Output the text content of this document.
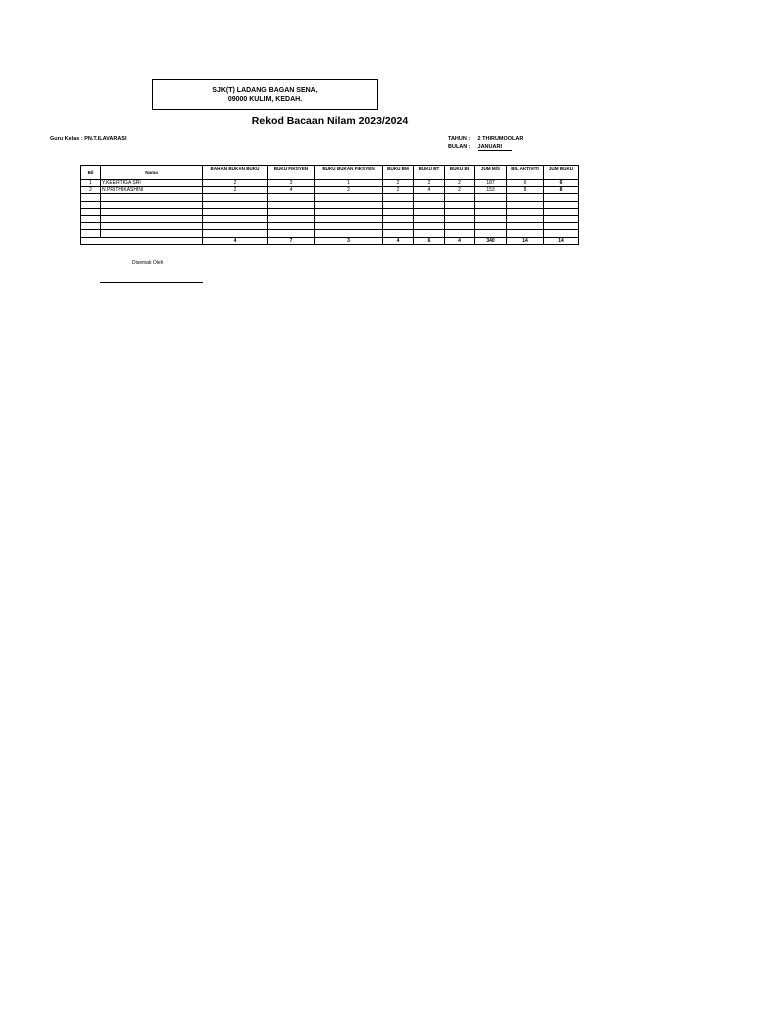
SJK(T) LADANG BAGAN SENA,
09000 KULIM, KEDAH.
Rekod Bacaan Nilam 2023/2024
Guru Kelas : PN.T.ILAVARASI	TAHUN : 2 THIRUMOOLAR
BULAN : JANUARI
Bil	Nama	BAHAN BUKAN BUKU	BUKU FIKSYEN	BUKU BUKAN FIKSYEN	BUKU BM	BUKU BT	BUKU BI	JUM M/S	BIL AKTIVITI	JUM BUKU
1	Y.KEERTIGA SRI	2	3	1	2	2	2	187	6	6
2	N.PRITHIKASHINI	2	4	2	2	4	2	153	8	8

		4	7	3	4	6	4	340	14	14
Disemak Oleh
